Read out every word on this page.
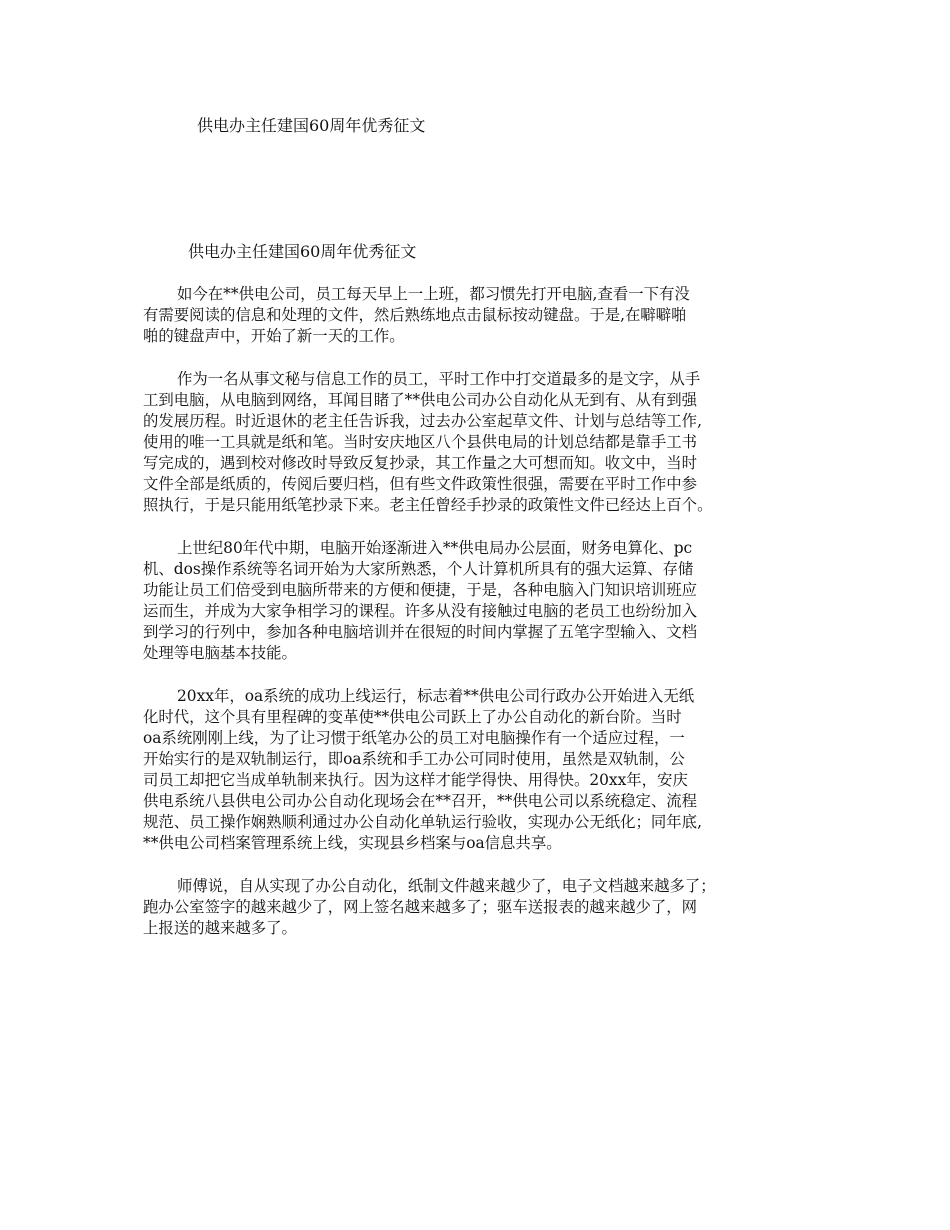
供电办主任建国60周年优秀征文
供电办主任建国60周年优秀征文

如今在**供电公司，员工每天早上一上班，都习惯先打开电脑,查看一下有没
有需要阅读的信息和处理的文件，然后熟练地点击鼠标按动键盘。于是,在噼噼啪
啪的键盘声中，开始了新一天的工作。

作为一名从事文秘与信息工作的员工，平时工作中打交道最多的是文字，从手
工到电脑，从电脑到网络，耳闻目睹了**供电公司办公自动化从无到有、从有到强
的发展历程。时近退休的老主任告诉我，过去办公室起草文件、计划与总结等工作,
使用的唯一工具就是纸和笔。当时安庆地区八个县供电局的计划总结都是靠手工书
写完成的，遇到校对修改时导致反复抄录，其工作量之大可想而知。收文中，当时
文件全部是纸质的，传阅后要归档，但有些文件政策性很强，需要在平时工作中参
照执行，于是只能用纸笔抄录下来。老主任曾经手抄录的政策性文件已经达上百个。

上世纪80年代中期，电脑开始逐渐进入**供电局办公层面，财务电算化、pc
机、dos操作系统等名词开始为大家所熟悉，个人计算机所具有的强大运算、存储
功能让员工们倍受到电脑所带来的方便和便捷，于是，各种电脑入门知识培训班应
运而生，并成为大家争相学习的课程。许多从没有接触过电脑的老员工也纷纷加入
到学习的行列中，参加各种电脑培训并在很短的时间内掌握了五笔字型输入、文档
处理等电脑基本技能。

20xx年，oa系统的成功上线运行，标志着**供电公司行政办公开始进入无纸
化时代，这个具有里程碑的变革使**供电公司跃上了办公自动化的新台阶。当时
oa系统刚刚上线，为了让习惯于纸笔办公的员工对电脑操作有一个适应过程，一
开始实行的是双轨制运行，即oa系统和手工办公可同时使用，虽然是双轨制，公
司员工却把它当成单轨制来执行。因为这样才能学得快、用得快。20xx年，安庆
供电系统八县供电公司办公自动化现场会在**召开，**供电公司以系统稳定、流程
规范、员工操作娴熟顺利通过办公自动化单轨运行验收，实现办公无纸化；同年底,
**供电公司档案管理系统上线，实现县乡档案与oa信息共享。

师傅说，自从实现了办公自动化，纸制文件越来越少了，电子文档越来越多了；
跑办公室签字的越来越少了，网上签名越来越多了；驱车送报表的越来越少了，网
上报送的越来越多了。
